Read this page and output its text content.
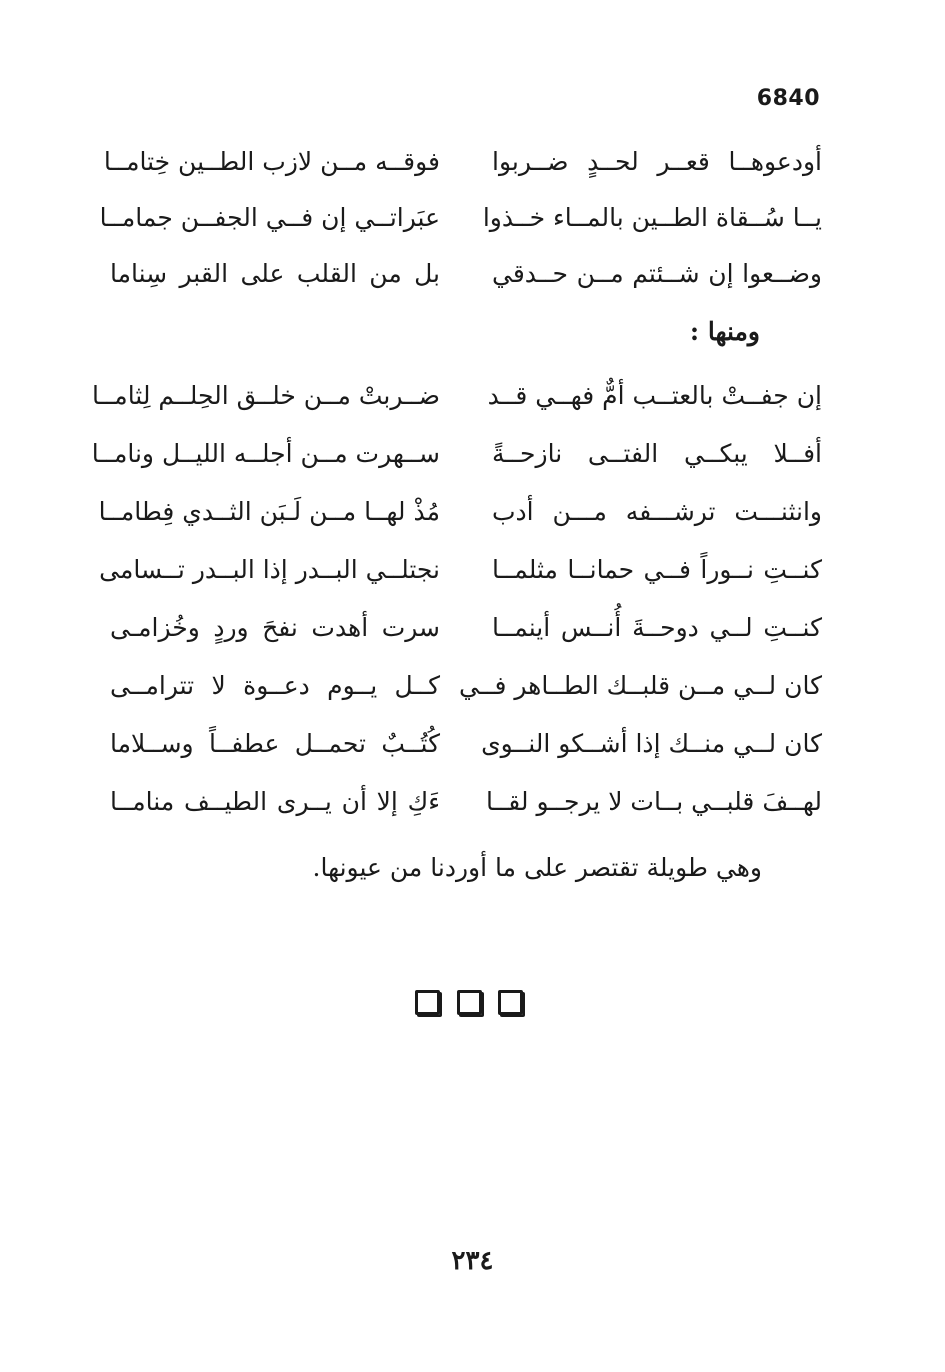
6840
أودعوهــا قعــر لحــدٍ ضــربوا
فوقــه مــن لازب الطــين خِتامــا
يــا سُــقاة الطــين بالمــاء خــذوا
عبَراتــي إن فــي الجفــن جمامــا
وضــعوا إن شــئتم مــن حــدقي
بل من القلب على القبر سِناما
ومنها :
إن جفــتْ بالعتــب أمٌّ فهــي قــد
ضــربتْ مــن خلــق الحِلــم لِثامــا
أفــلا يبكــي الفتــى نازحــةً
ســهرت مــن أجلــه الليــل ونامــا
وانثنـــت ترشـــفه مـــن أدب
مُذْ لهــا مــن لَـبَن الثــدي فِطامــا
كنــتِ نــوراً فــي حمانــا مثلمــا
نجتلــي البــدر إذا البــدر تــسامى
كنــتِ لــي دوحــةَ أُنــس أينمــا
سرت أهدت نفحَ وردٍ وخُزامـى
كان لــي مــن قلبــك الطــاهر فــي
كــل يــوم دعــوة لا تترامــى
كان لــي منــك إذا أشــكو النــوى
كُتُــبٌ تحمــل عطفــاً وســلاما
لهــفَ قلبــي بــات لا يرجــو لقــا
ءَكِ إلا أن يــرى الطيــف منامــا
وهي طويلة تقتصر على ما أوردنا من عيونها.
٢٣٤
